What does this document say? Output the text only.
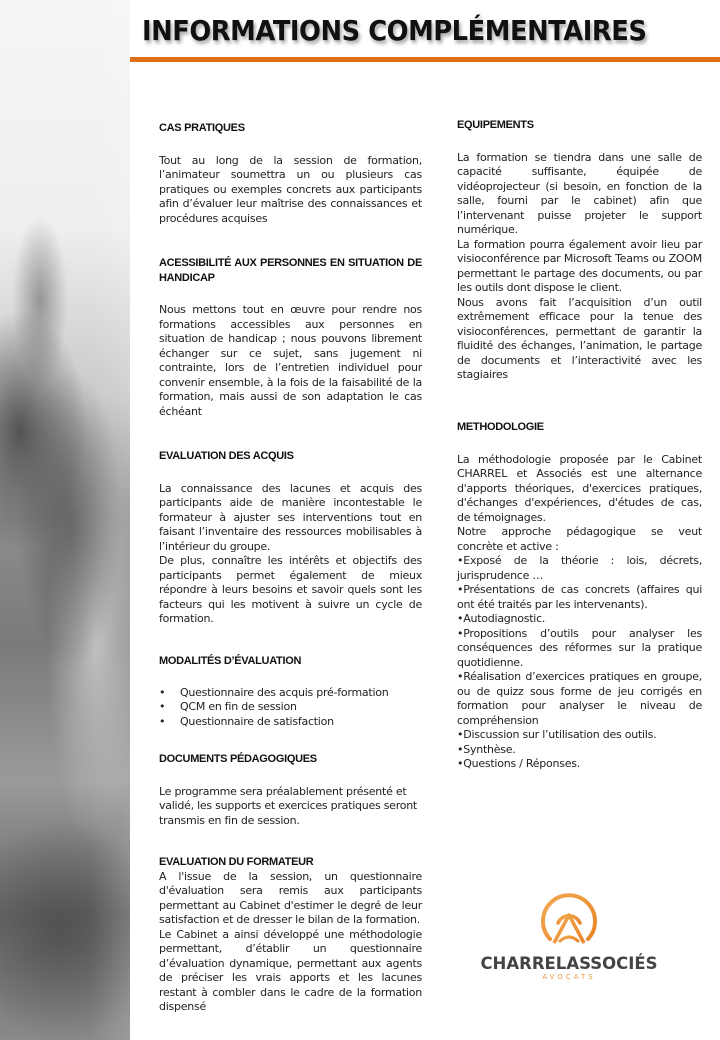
INFORMATIONS COMPLÉMENTAIRES
CAS PRATIQUES

Tout au long de la session de formation, l’animateur soumettra un ou plusieurs cas pratiques ou exemples concrets aux participants afin d’évaluer leur maîtrise des connaissances et procédures acquises

ACESSIBILITÉ AUX PERSONNES EN SITUATION DE HANDICAP

Nous mettons tout en œuvre pour rendre nos formations accessibles aux personnes en situation de handicap ; nous pouvons librement échanger sur ce sujet, sans jugement ni contrainte, lors de l’entretien individuel pour convenir ensemble, à la fois de la faisabilité de la formation, mais aussi de son adaptation le cas échéant

EVALUATION DES ACQUIS

La connaissance des lacunes et acquis des participants aide de manière incontestable le formateur à ajuster ses interventions tout en faisant l’inventaire des ressources mobilisables à l’intérieur du groupe.

De plus, connaître les intérêts et objectifs des participants permet également de mieux répondre à leurs besoins et savoir quels sont les facteurs qui les motivent à suivre un cycle de formation.

MODALITÉS D’ÉVALUATION
• Questionnaire des acquis pré-formation
• QCM en fin de session
• Questionnaire de satisfaction
DOCUMENTS PÉDAGOGIQUES

Le programme sera préalablement présenté et validé, les supports et exercices pratiques seront transmis en fin de session.

EVALUATION DU FORMATEUR

A l'issue de la session, un questionnaire d'évaluation sera remis aux participants permettant au Cabinet d'estimer le degré de leur satisfaction et de dresser le bilan de la formation.

Le Cabinet a ainsi développé une méthodologie permettant, d’établir un questionnaire d’évaluation dynamique, permettant aux agents de préciser les vrais apports et les lacunes restant à combler dans le cadre de la formation dispensé

EQUIPEMENTS

La formation se tiendra dans une salle de capacité suffisante, équipée de vidéoprojecteur (si besoin, en fonction de la salle, fourni par le cabinet) afin que l’intervenant puisse projeter le support numérique.

La formation pourra également avoir lieu par visioconférence par Microsoft Teams ou ZOOM permettant le partage des documents, ou par les outils dont dispose le client.

Nous avons fait l’acquisition d’un outil extrêmement efficace pour la tenue des visioconférences, permettant de garantir la fluidité des échanges, l’animation, le partage de documents et l’interactivité avec les stagiaires

METHODOLOGIE

La méthodologie proposée par le Cabinet CHARREL et Associés est une alternance d'apports théoriques, d'exercices pratiques, d'échanges d'expériences, d'études de cas, de témoignages.

Notre approche pédagogique se veut concrète et active :

•Exposé de la théorie : lois, décrets, jurisprudence …

•Présentations de cas concrets (affaires qui ont été traités par les intervenants).

•Autodiagnostic.

•Propositions d’outils pour analyser les conséquences des réformes sur la pratique quotidienne.

•Réalisation d’exercices pratiques en groupe, ou de quizz sous forme de jeu corrigés en formation pour analyser le niveau de compréhension

•Discussion sur l’utilisation des outils.

•Synthèse.

•Questions / Réponses.

CHARRELASSOCIÉS
AVOCATS
